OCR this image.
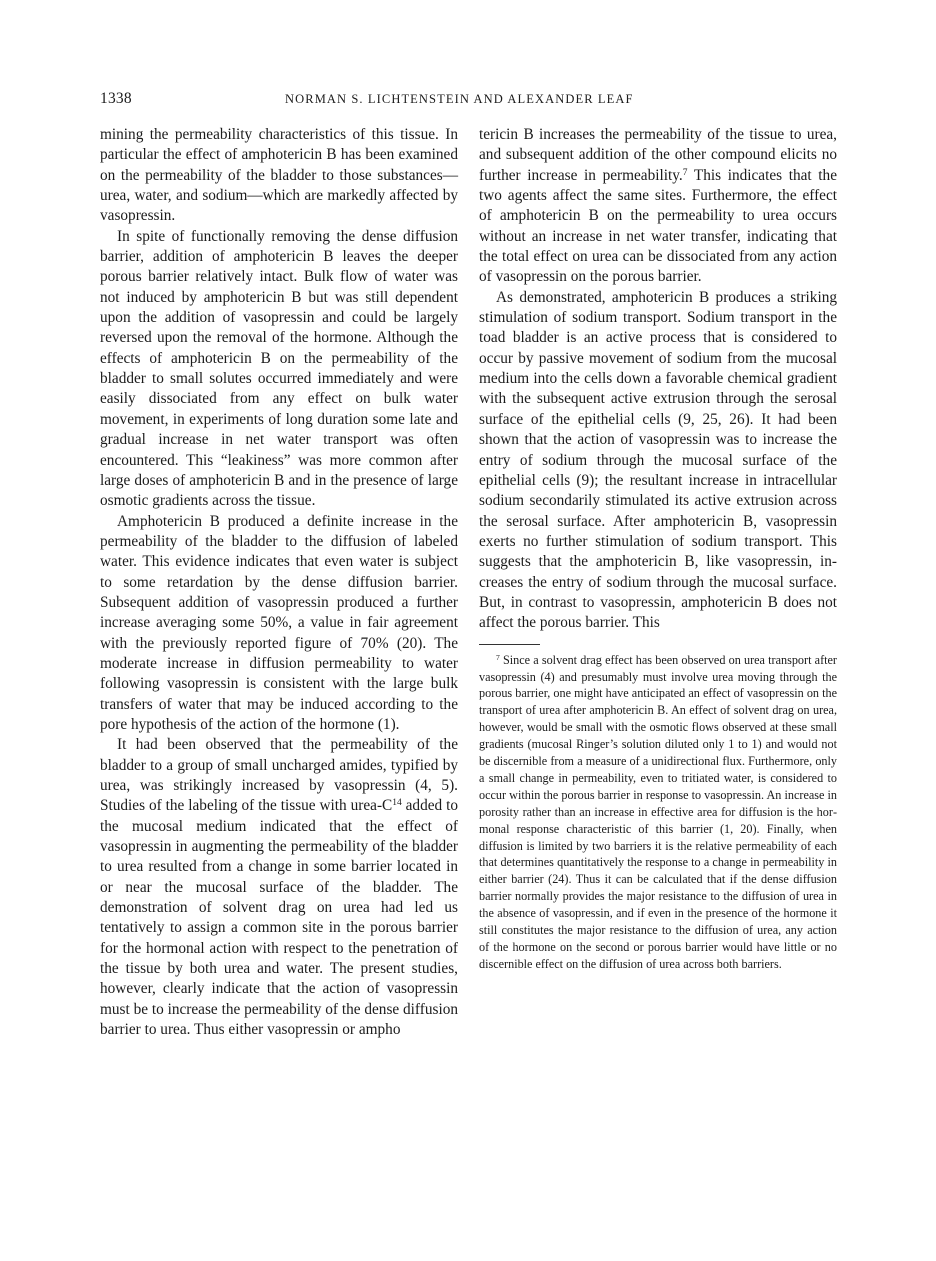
1338	NORMAN S. LICHTENSTEIN AND ALEXANDER LEAF

mining the permeability characteristics of this tissue. In particular the effect of amphotericin B has been examined on the permeability of the bladder to those substances—urea, water, and sodium—which are markedly affected by vasopressin.

In spite of functionally removing the dense diffusion barrier, addition of amphotericin B leaves the deeper porous barrier relatively intact. Bulk flow of water was not induced by amphotericin B but was still dependent upon the addition of vasopressin and could be largely reversed upon the removal of the hormone. Although the effects of amphotericin B on the permeability of the bladder to small solutes occurred immediately and were easily dissociated from any effect on bulk water movement, in experiments of long duration some late and gradual increase in net water transport was often encountered. This “leakiness” was more common after large doses of amphotericin B and in the presence of large osmotic gradients across the tissue.

Amphotericin B produced a definite increase in the permeability of the bladder to the diffusion of labeled water. This evidence indicates that even water is subject to some retardation by the dense diffusion barrier. Subsequent addition of vasopressin produced a further increase averaging some 50%, a value in fair agreement with the previously reported figure of 70% (20). The moderate increase in diffusion permeability to water following vasopressin is consistent with the large bulk transfers of water that may be induced according to the pore hypothesis of the action of the hormone (1).

It had been observed that the permeability of the bladder to a group of small uncharged amides, typified by urea, was strikingly increased by vasopressin (4, 5). Studies of the labeling of the tissue with urea-$C^{14}$ added to the mucosal medium indicated that the effect of vasopressin in augmenting the permeability of the bladder to urea resulted from a change in some barrier located in or near the mucosal surface of the bladder. The demonstration of solvent drag on urea had led us tentatively to assign a common site in the porous barrier for the hormonal action with respect to the penetration of the tissue by both urea and water. The present studies, however, clearly indicate that the action of vasopressin must be to increase the permeability of the dense diffusion barrier to urea. Thus either vasopressin or ampho

tericin B increases the permeability of the tissue to urea, and subsequent addition of the other compound elicits no further increase in permeability.$^7$ This indicates that the two agents affect the same sites. Furthermore, the effect of amphotericin B on the permeability to urea occurs without an increase in net water transfer, indicating that the total effect on urea can be dissociated from any action of vasopressin on the porous barrier.

As demonstrated, amphotericin B produces a striking stimulation of sodium transport. Sodium transport in the toad bladder is an active process that is considered to occur by passive movement of sodium from the mucosal medium into the cells down a favorable chemical gradient with the subsequent active extrusion through the serosal surface of the epithelial cells (9, 25, 26). It had been shown that the action of vasopressin was to increase the entry of sodium through the mucosal surface of the epithelial cells (9); the resultant increase in intracellular sodium secondarily stimulated its active extrusion across the serosal surface. After amphotericin B, vasopressin exerts no further stimulation of sodium transport. This suggests that the amphotericin B, like vasopressin, increases the entry of sodium through the mucosal surface. But, in contrast to vasopressin, amphotericin B does not affect the porous barrier. This

$^7$ Since a solvent drag effect has been observed on urea transport after vasopressin (4) and presumably must involve urea moving through the porous barrier, one might have anticipated an effect of vasopressin on the transport of urea after amphotericin B. An effect of solvent drag on urea, however, would be small with the osmotic flows observed at these small gradients (mucosal Ringer’s solution diluted only 1 to 1) and would not be discernible from a measure of a unidirectional flux. Furthermore, only a small change in permeability, even to tritiated water, is considered to occur within the porous barrier in response to vasopressin. An increase in porosity rather than an increase in effective area for diffusion is the hormonal response characteristic of this barrier (1, 20). Finally, when diffusion is limited by two barriers it is the relative permeability of each that determines quantitatively the response to a change in permeability in either barrier (24). Thus it can be calculated that if the dense diffusion barrier normally provides the major resistance to the diffusion of urea in the absence of vasopressin, and if even in the presence of the hormone it still constitutes the major resistance to the diffusion of urea, any action of the hormone on the second or porous barrier would have little or no discernible effect on the diffusion of urea across both barriers.
